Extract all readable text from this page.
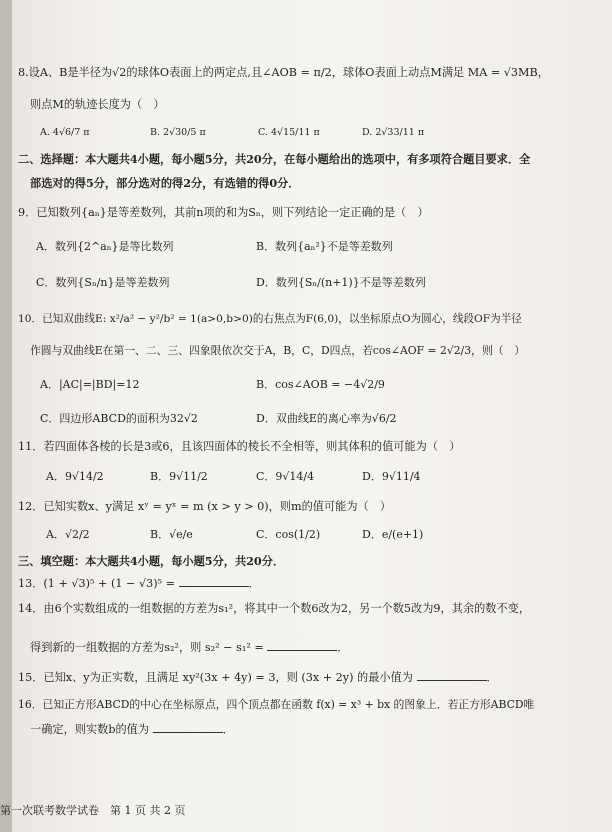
8.设A、B是半径为√2的球体O表面上的两定点,且∠AOB = π/2，球体O表面上动点M满足 MA = √3MB，
则点M的轨迹长度为（　）
A. 4√6/7 π	B. 2√30/5 π	C. 4√15/11 π	D. 2√33/11 π
二、选择题：本大题共4小题，每小题5分，共20分，在每小题给出的选项中，有多项符合题目要求．全
部选对的得5分，部分选对的得2分，有选错的得0分．
9．已知数列{aₙ}是等差数列，其前n项的和为Sₙ，则下列结论一定正确的是（　）
A．数列{2^aₙ}是等比数列	B．数列{aₙ²}不是等差数列
C．数列{Sₙ/n}是等差数列	D．数列{Sₙ/(n+1)}不是等差数列
10．已知双曲线E: x²/a² − y²/b² = 1(a>0,b>0)的右焦点为F(6,0)，以坐标原点O为圆心，线段OF为半径
作圆与双曲线E在第一、二、三、四象限依次交于A，B，C，D四点，若cos∠AOF = 2√2/3，则（　）
A．|AC|=|BD|=12	B．cos∠AOB = −4√2/9
C．四边形ABCD的面积为32√2	D．双曲线E的离心率为√6/2
11．若四面体各棱的长是3或6，且该四面体的棱长不全相等，则其体积的值可能为（　）
A．9√14/2	B．9√11/2	C．9√14/4	D．9√11/4
12．已知实数x、y满足 xʸ = yˣ = m (x > y > 0)，则m的值可能为（　）
A．√2/2	B．√e/e	C．cos(1/2)	D．e/(e+1)
三、填空题：本大题共4小题，每小题5分，共20分．
13．(1 + √3)⁵ + (1 − √3)⁵ =	．
14．由6个实数组成的一组数据的方差为s₁²，将其中一个数6改为2，另一个数5改为9，其余的数不变，
得到新的一组数据的方差为s₂²，则 s₂² − s₁² =	．
15．已知x、y为正实数，且满足 xy²(3x + 4y) = 3，则 (3x + 2y) 的最小值为	．
16．已知正方形ABCD的中心在坐标原点，四个顶点都在函数 f(x) = x³ + bx 的图象上．若正方形ABCD唯
一确定，则实数b的值为	．
第一次联考数学试卷　第 1 页 共 2 页
